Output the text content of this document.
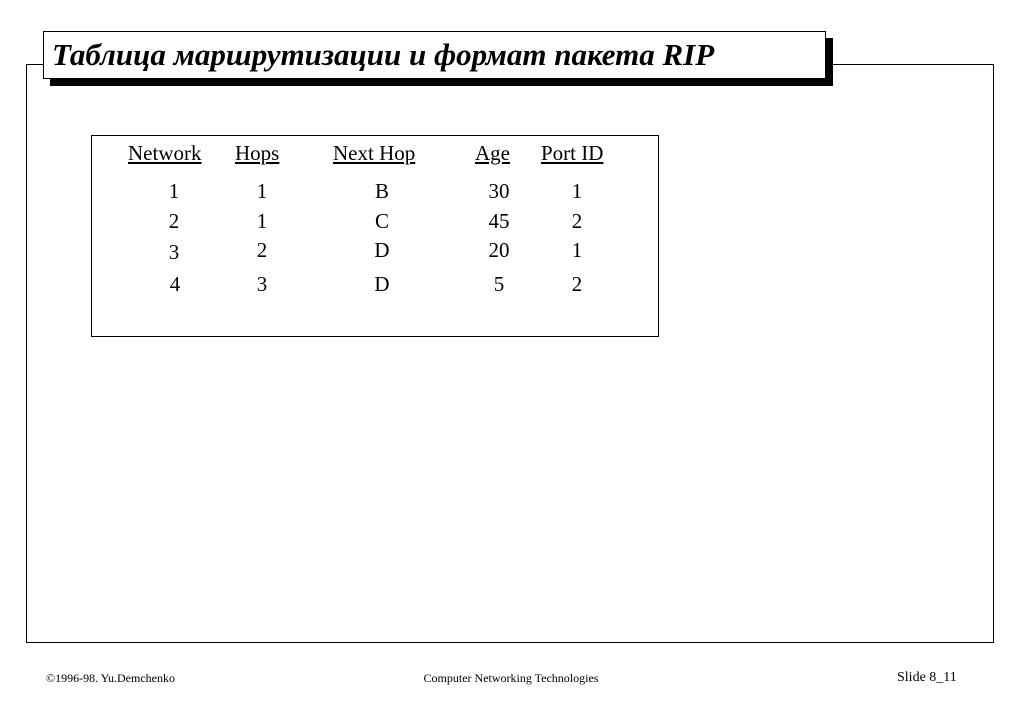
Таблица маршрутизации и формат пакета RIP
Network Hops	Next Hop	Age Port ID
1	1	B	30	1
2	1	C	45	2
3	2	D	20	1
4	3	D	5	2
©1996-98. Yu.Demchenko	Computer Networking Technologies	Slide 8_11
